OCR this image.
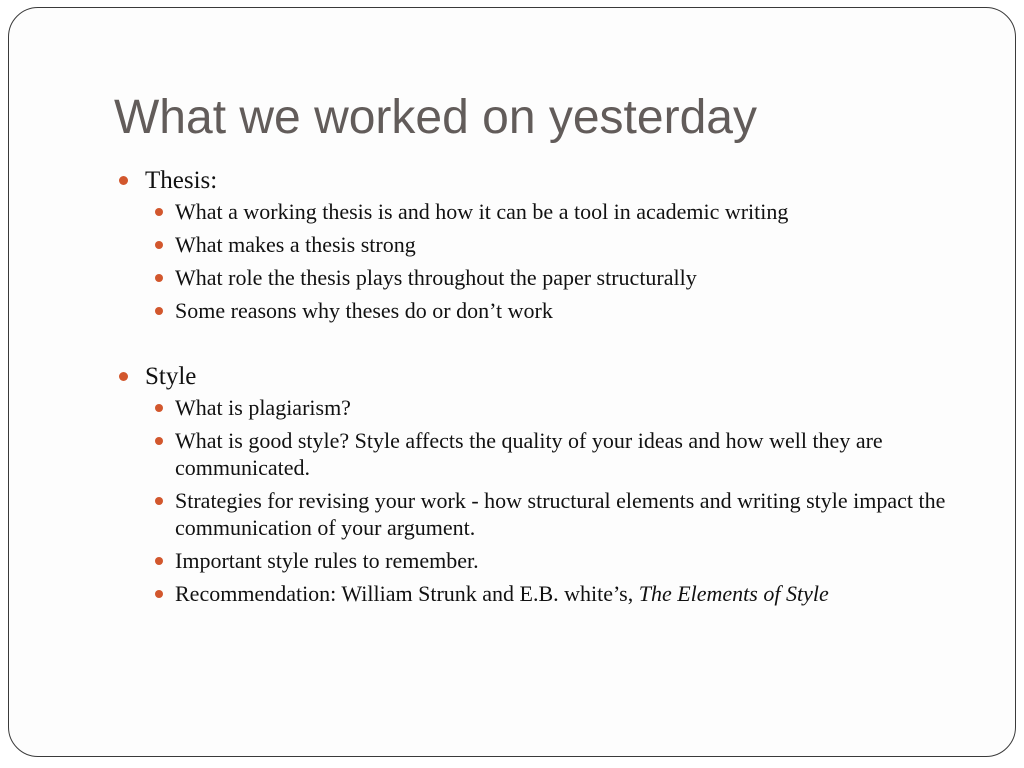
What we worked on yesterday
Thesis:
What a working thesis is and how it can be a tool in academic writing
What makes a thesis strong
What role the thesis plays throughout the paper structurally
Some reasons why theses do or don’t work
Style
What is plagiarism?
What is good style? Style affects the quality of your ideas and how well they are communicated.
Strategies for revising your work - how structural elements and writing style impact the communication of your argument.
Important style rules to remember.
Recommendation: William Strunk and E.B. white’s, The Elements of Style
